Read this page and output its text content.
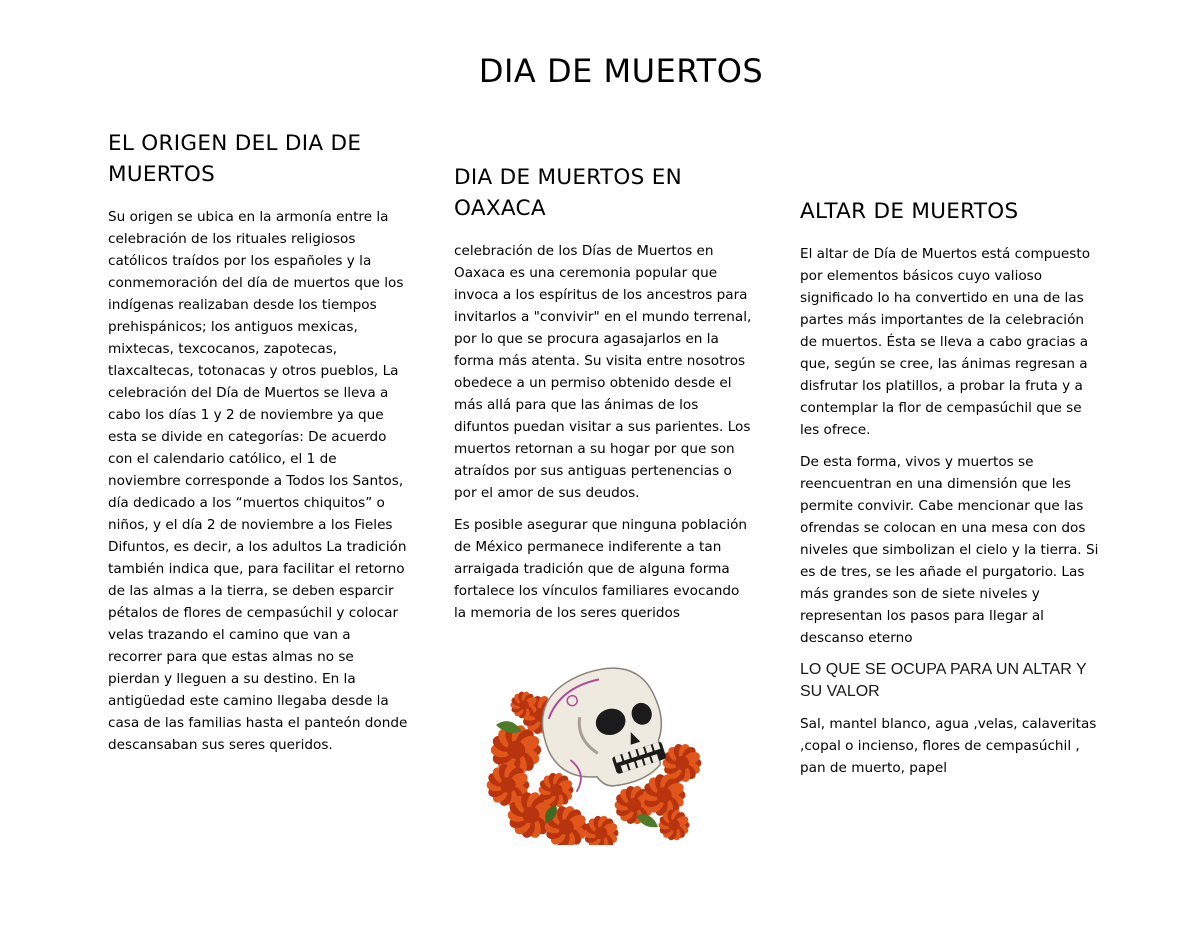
DIA DE MUERTOS
EL ORIGEN DEL DIA DE MUERTOS

Su origen se ubica en la armonía entre la celebración de los rituales religiosos católicos traídos por los españoles y la conmemoración del día de muertos que los indígenas realizaban desde los tiempos prehispánicos; los antiguos mexicas, mixtecas, texcocanos, zapotecas, tlaxcaltecas, totonacas y otros pueblos, La celebración del Día de Muertos se lleva a cabo los días 1 y 2 de noviembre ya que esta se divide en categorías: De acuerdo con el calendario católico, el 1 de noviembre corresponde a Todos los Santos, día dedicado a los “muertos chiquitos” o niños, y el día 2 de noviembre a los Fieles Difuntos, es decir, a los adultos La tradición también indica que, para facilitar el retorno de las almas a la tierra, se deben esparcir pétalos de flores de cempasúchil y colocar velas trazando el camino que van a recorrer para que estas almas no se pierdan y lleguen a su destino. En la antigüedad este camino llegaba desde la casa de las familias hasta el panteón donde descansaban sus seres queridos.

DIA DE MUERTOS EN OAXACA

celebración de los Días de Muertos en Oaxaca es una ceremonia popular que invoca a los espíritus de los ancestros para invitarlos a "convivir" en el mundo terrenal, por lo que se procura agasajarlos en la forma más atenta. Su visita entre nosotros obedece a un permiso obtenido desde el más allá para que las ánimas de los difuntos puedan visitar a sus parientes. Los muertos retornan a su hogar por que son atraídos por sus antiguas pertenencias o por el amor de sus deudos.

Es posible asegurar que ninguna población de México permanece indiferente a tan arraigada tradición que de alguna forma fortalece los vínculos familiares evocando la memoria de los seres queridos

ALTAR DE MUERTOS

El altar de Día de Muertos está compuesto por elementos básicos cuyo valioso significado lo ha convertido en una de las partes más importantes de la celebración de muertos. Ésta se lleva a cabo gracias a que, según se cree, las ánimas regresan a disfrutar los platillos, a probar la fruta y a contemplar la flor de cempasúchil que se les ofrece.

De esta forma, vivos y muertos se reencuentran en una dimensión que les permite convivir. Cabe mencionar que las ofrendas se colocan en una mesa con dos niveles que simbolizan el cielo y la tierra. Si es de tres, se les añade el purgatorio. Las más grandes son de siete niveles y representan los pasos para llegar al descanso eterno

LO QUE SE OCUPA PARA UN ALTAR Y SU VALOR

Sal, mantel blanco, agua ,velas, calaveritas ,copal o incienso, flores de cempasúchil , pan de muerto, papel
